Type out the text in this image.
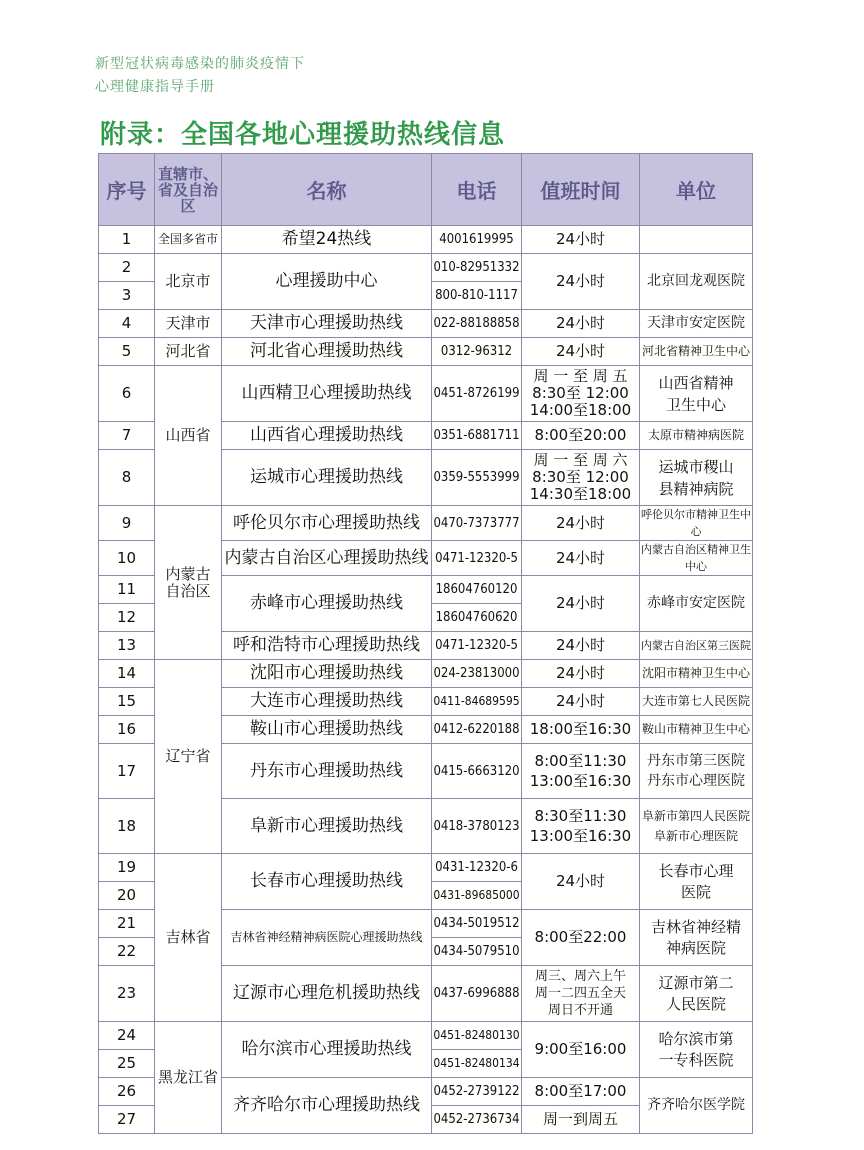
新型冠状病毒感染的肺炎疫情下
心理健康指导手册
附录：全国各地心理援助热线信息
序号	直辖市、省及自治区	名称	电话	值班时间	单位
1	全国多省市	希望24热线	4001619995	24小时	
2	北京市	心理援助中心	010-82951332	24小时	北京回龙观医院
3			800-810-1117		
4	天津市	天津市心理援助热线	022-88188858	24小时	天津市安定医院
5	河北省	河北省心理援助热线	0312-96312	24小时	河北省精神卫生中心
6	山西省	山西精卫心理援助热线	0451-8726199	周 一 至 周 五
8:30至 12:00
14:00至18:00	山西省精神
卫生中心
7		山西省心理援助热线	0351-6881711	8:00至20:00	太原市精神病医院
8		运城市心理援助热线	0359-5553999	周 一 至 周 六
8:30至 12:00
14:30至18:00	运城市稷山
县精神病院
9	内蒙古
自治区	呼伦贝尔市心理援助热线	0470-7373777	24小时	呼伦贝尔市精神卫生中心
10		内蒙古自治区心理援助热线	0471-12320-5	24小时	内蒙古自治区精神卫生中心
11		赤峰市心理援助热线	18604760120	24小时	赤峰市安定医院
12			18604760620		
13		呼和浩特市心理援助热线	0471-12320-5	24小时	内蒙古自治区第三医院
14	辽宁省	沈阳市心理援助热线	024-23813000	24小时	沈阳市精神卫生中心
15		大连市心理援助热线	0411-84689595	24小时	大连市第七人民医院
16		鞍山市心理援助热线	0412-6220188	18:00至16:30	鞍山市精神卫生中心
17		丹东市心理援助热线	0415-6663120	8:00至11:30
13:00至16:30	丹东市第三医院
丹东市心理医院
18		阜新市心理援助热线	0418-3780123	8:30至11:30
13:00至16:30	阜新市第四人民医院
阜新市心理医院
19	吉林省	长春市心理援助热线	0431-12320-6	24小时	长春市心理
医院
20			0431-89685000		
21		吉林省神经精神病医院心理援助热线	0434-5019512	8:00至22:00	吉林省神经精
神病医院
22			0434-5079510		
23		辽源市心理危机援助热线	0437-6996888	周三、周六上午
周一二四五全天
周日不开通	辽源市第二
人民医院
24	黑龙江省	哈尔滨市心理援助热线	0451-82480130	9:00至16:00	哈尔滨市第
一专科医院
25			0451-82480134		
26		齐齐哈尔市心理援助热线	0452-2739122	8:00至17:00	齐齐哈尔医学院
27			0452-2736734	周一到周五	
